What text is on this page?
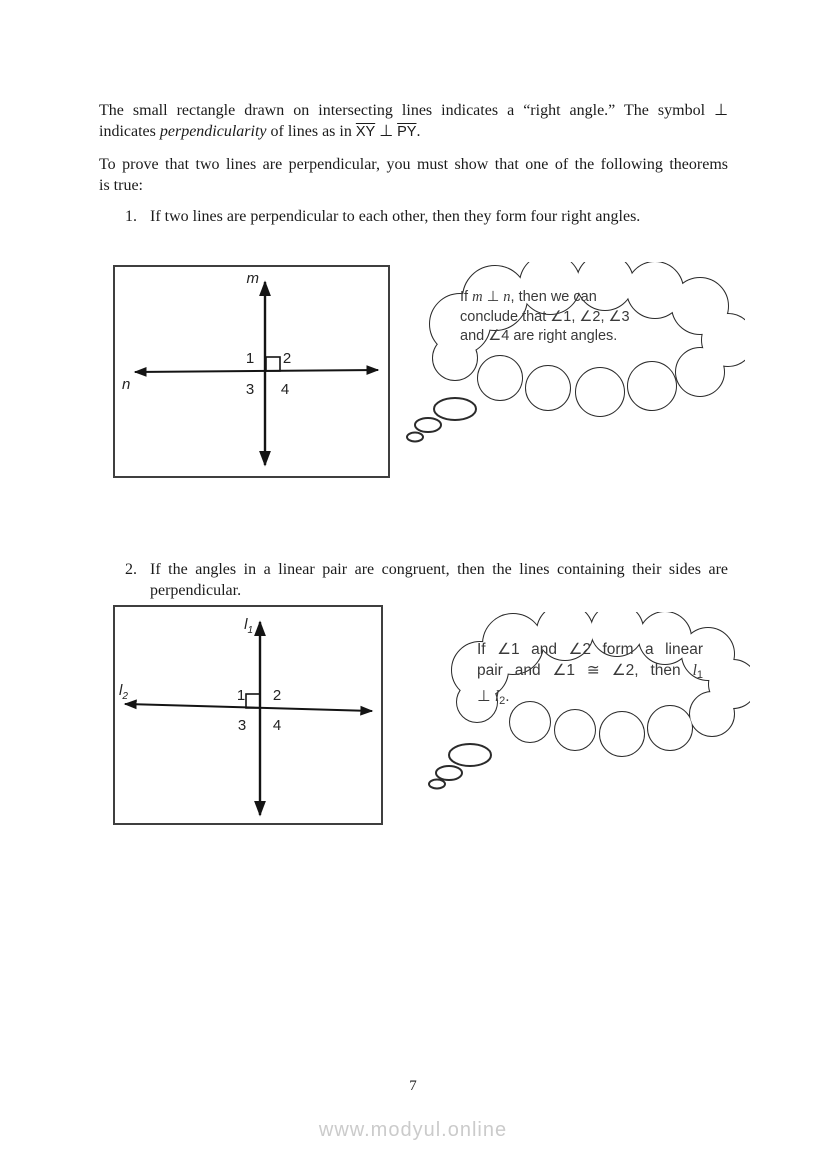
The small rectangle drawn on intersecting lines indicates a “right angle.” The symbol ⊥
indicates perpendicularity of lines as in $\overline{XY}$ ⊥ $\overline{PY}$.
To prove that two lines are perpendicular, you must show that one of the following theorems
is true:
1. If two lines are perpendicular to each other, then they form four right angles.
m
n
1 2
3 4
If m ⊥ n, then we can
conclude that ∠1, ∠2, ∠3
and ∠4 are right angles.
2. If the angles in a linear pair are congruent, then the lines containing their sides are
perpendicular.
$l_1$
$l_2$	1 2
3 4
If ∠1 and ∠2 form a linear
pair and ∠1 ≅ ∠2, then l1
⊥ l2.
7
www.modyul.online
